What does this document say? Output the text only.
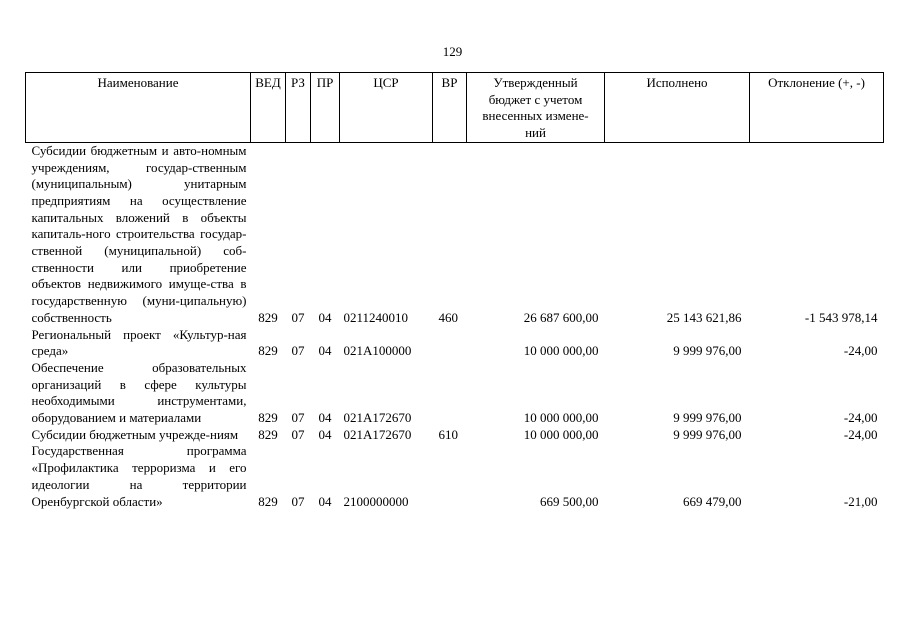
129
Наименование	ВЕД	РЗ	ПР	ЦСР	ВР	Утвержденный бюджет с учетом внесенных измене-ний	Исполнено	Отклонение (+, -)
Субсидии бюджетным и авто-номным учреждениям, государ-ственным (муниципальным) унитарным предприятиям на осуществление капитальных вложений в объекты капиталь-ного строительства государ-ственной (муниципальной) соб-ственности или приобретение объектов недвижимого имуще-ства в государственную (муни-ципальную) собственность	829	07	04	0211240010	460	26 687 600,00	25 143 621,86	-1 543 978,14
Региональный проект «Культур-ная среда»	829	07	04	021А100000		10 000 000,00	9 999 976,00	-24,00
Обеспечение образовательных организаций в сфере культуры необходимыми инструментами, оборудованием и материалами	829	07	04	021А172670		10 000 000,00	9 999 976,00	-24,00
Субсидии бюджетным учрежде-ниям	829	07	04	021А172670	610	10 000 000,00	9 999 976,00	-24,00
Государственная программа «Профилактика терроризма и его идеологии на территории Оренбургской области»	829	07	04	2100000000		669 500,00	669 479,00	-21,00
